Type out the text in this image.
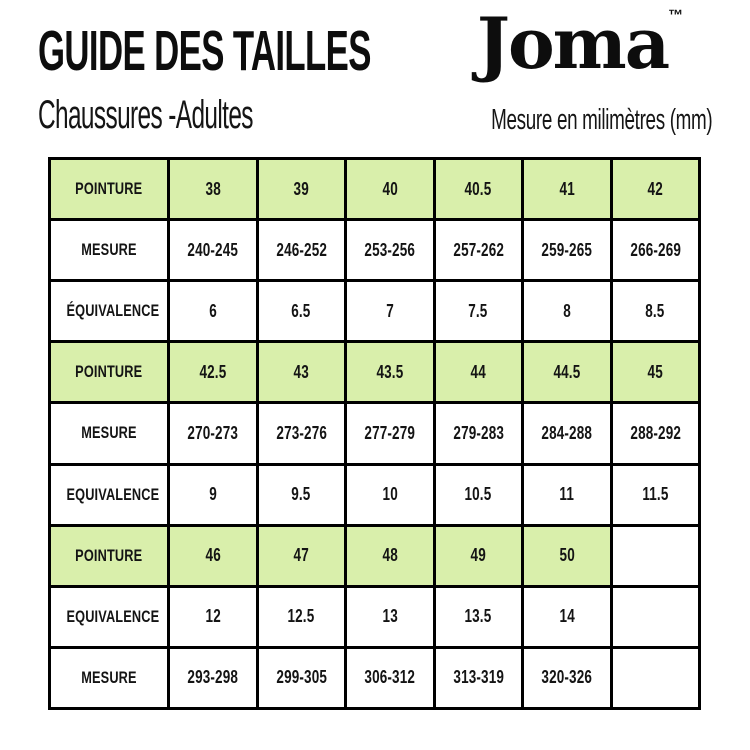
GUIDE DES TAILLES
Chaussures -Adultes
Joma™
Mesure en milimètres (mm)
POINTURE	38	39	40	40.5	41	42
MESURE	240-245	246-252	253-256	257-262	259-265	266-269
ÉQUIVALENCE	6	6.5	7	7.5	8	8.5
POINTURE	42.5	43	43.5	44	44.5	45
MESURE	270-273	273-276	277-279	279-283	284-288	288-292
EQUIVALENCE	9	9.5	10	10.5	11	11.5
POINTURE	46	47	48	49	50	
EQUIVALENCE	12	12.5	13	13.5	14	
MESURE	293-298	299-305	306-312	313-319	320-326	
